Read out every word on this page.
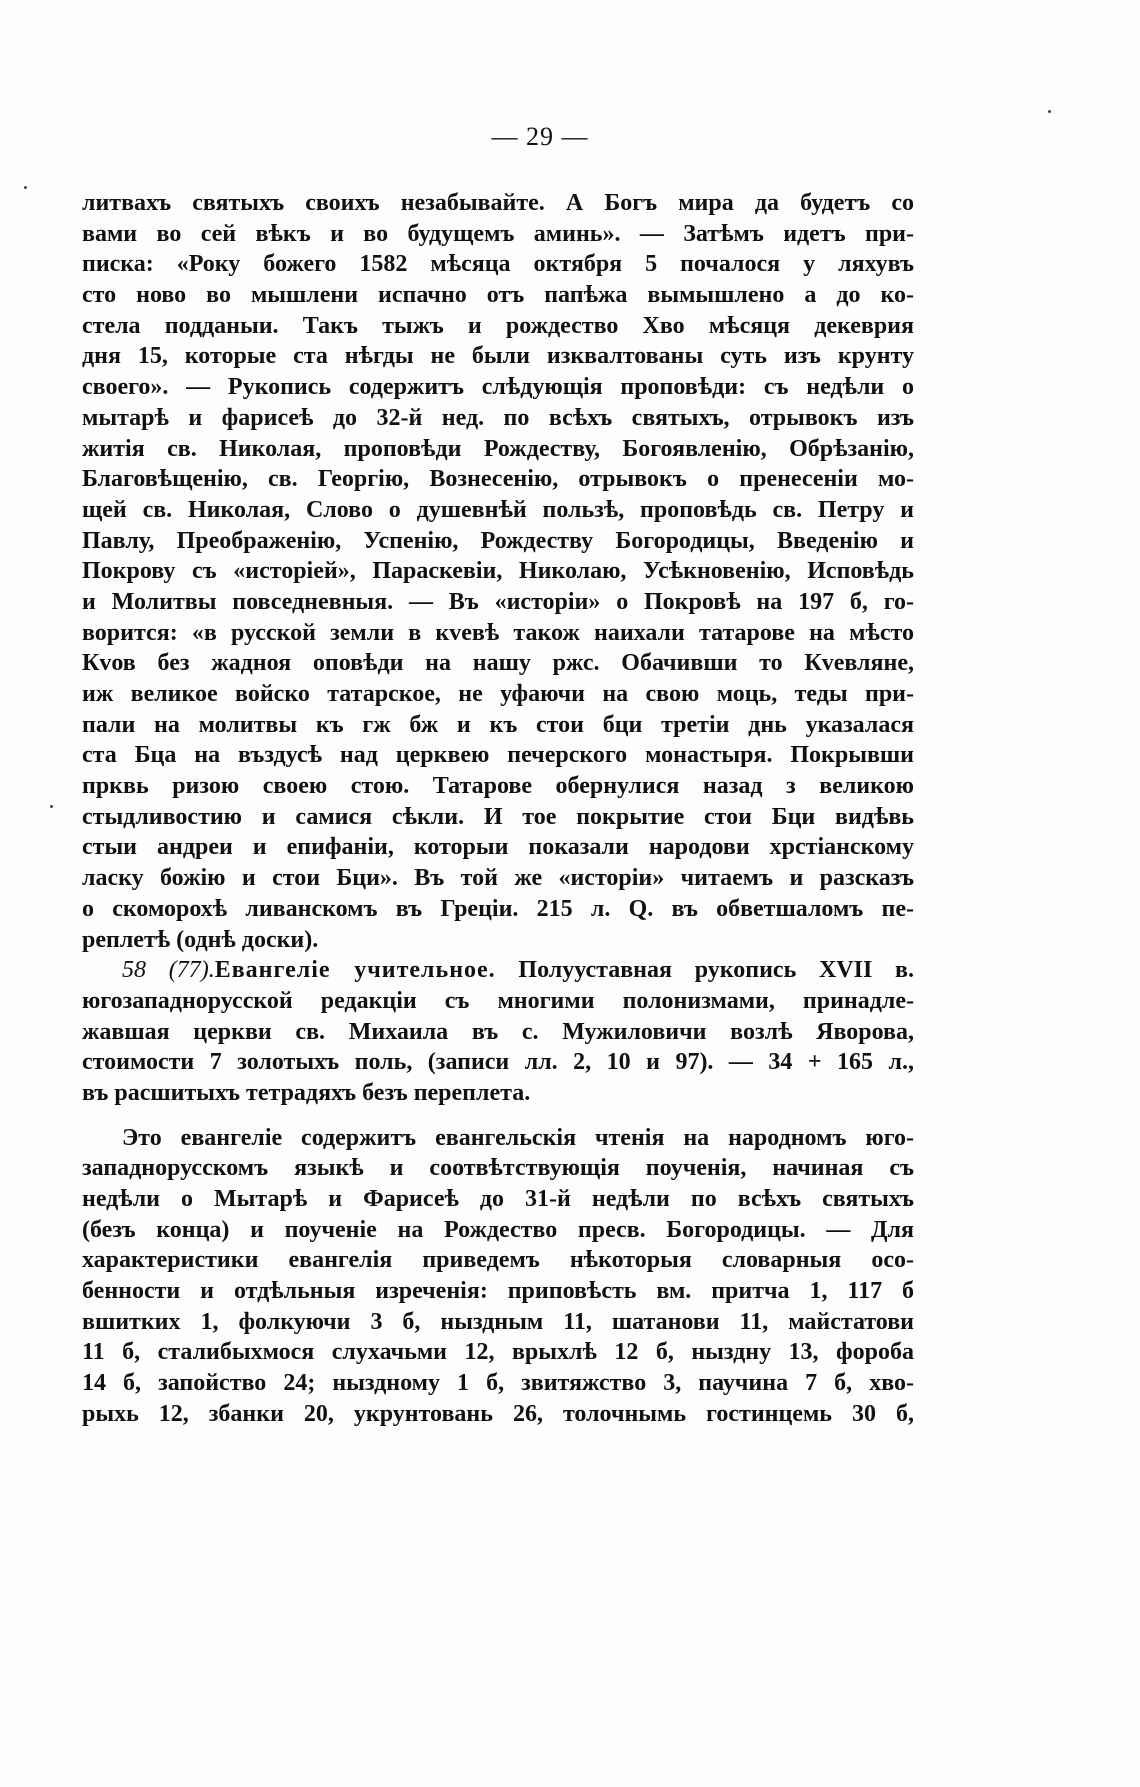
— 29 —
литвахъ святыхъ своихъ незабывайте. А Богъ мира да будетъ со
вами во сей вѣкъ и во будущемъ аминь». — Затѣмъ идетъ при-
писка: «Року божего 1582 мѣсяца октября 5 почалося у ляхувъ
сто ново во мышлени испачно отъ папѣжа вымышлено а до ко-
стела подданыи. Такъ тыжъ и рождество Хво мѣсяця декеврия
дня 15, которые ста нѣгды не были изквалтованы суть изъ крунту
своего». — Рукопись содержитъ слѣдующія проповѣди: съ недѣли о
мытарѣ и фарисеѣ до 32-й нед. по всѣхъ святыхъ, отрывокъ изъ
житія св. Николая, проповѣди Рождеству, Богоявленію, Обрѣзанію,
Благовѣщенію, св. Георгію, Вознесенію, отрывокъ о пренесеніи мо-
щей св. Николая, Слово о душевнѣй пользѣ, проповѣдь св. Петру и
Павлу, Преображенію, Успенію, Рождеству Богородицы, Введенію и
Покрову съ «исторіей», Параскевіи, Николаю, Усѣкновенію, Исповѣдь
и Молитвы повседневныя. — Въ «исторіи» о Покровѣ на 197 б, го-
ворится: «в русской земли в кvевѣ також наихали татарове на мѣсто
Кvов без жадноя оповѣди на нашу ржс. Обачивши то Кvевляне,
иж великое войско татарское, не уфаючи на свою моць, теды при-
пали на молитвы къ гж бж и къ стои бци третіи днь указалася
ста Бца на въздусѣ над церквею печерского монастыря. Покрывши
прквь ризою своею стою. Татарове обернулися назад з великою
стыдливостию и самися сѣкли. И тое покрытие стои Бци видѣвь
стыи андреи и епифаніи, которыи показали народови хрстіанскому
ласку божію и стои Бци». Въ той же «исторіи» читаемъ и разсказъ
о скоморохѣ ливанскомъ въ Греціи. 215 л. Q. въ обветшаломъ пе-
реплетѣ (однѣ доски).
58 (77).Евангеліе учительное. Полууставная рукопись XVII в.
югозападнорусской редакціи съ многими полонизмами, принадле-
жавшая церкви св. Михаила въ с. Мужиловичи возлѣ Яворова,
стоимости 7 золотыхъ поль, (записи лл. 2, 10 и 97). — 34 + 165 л.,
въ расшитыхъ тетрадяхъ безъ переплета.
Это евангеліе содержитъ евангельскія чтенія на народномъ юго-
западнорусскомъ языкѣ и соотвѣтствующія поученія, начиная съ
недѣли о Мытарѣ и Фарисеѣ до 31-й недѣли по всѣхъ святыхъ
(безъ конца) и поученіе на Рождество пресв. Богородицы. — Для
характеристики евангелія приведемъ нѣкоторыя словарныя осо-
бенности и отдѣльныя изреченія: приповѣсть вм. притча 1, 117 б
вшитких 1, фолкуючи 3 б, ныздным 11, шатанови 11, майстатови
11 б, сталибыхмося слухачьми 12, врыхлѣ 12 б, ныздну 13, фороба
14 б, запойство 24; ныздному 1 б, звитяжство 3, паучина 7 б, хво-
рыхь 12, збанки 20, укрунтовань 26, толочнымь гостинцемь 30 б,
